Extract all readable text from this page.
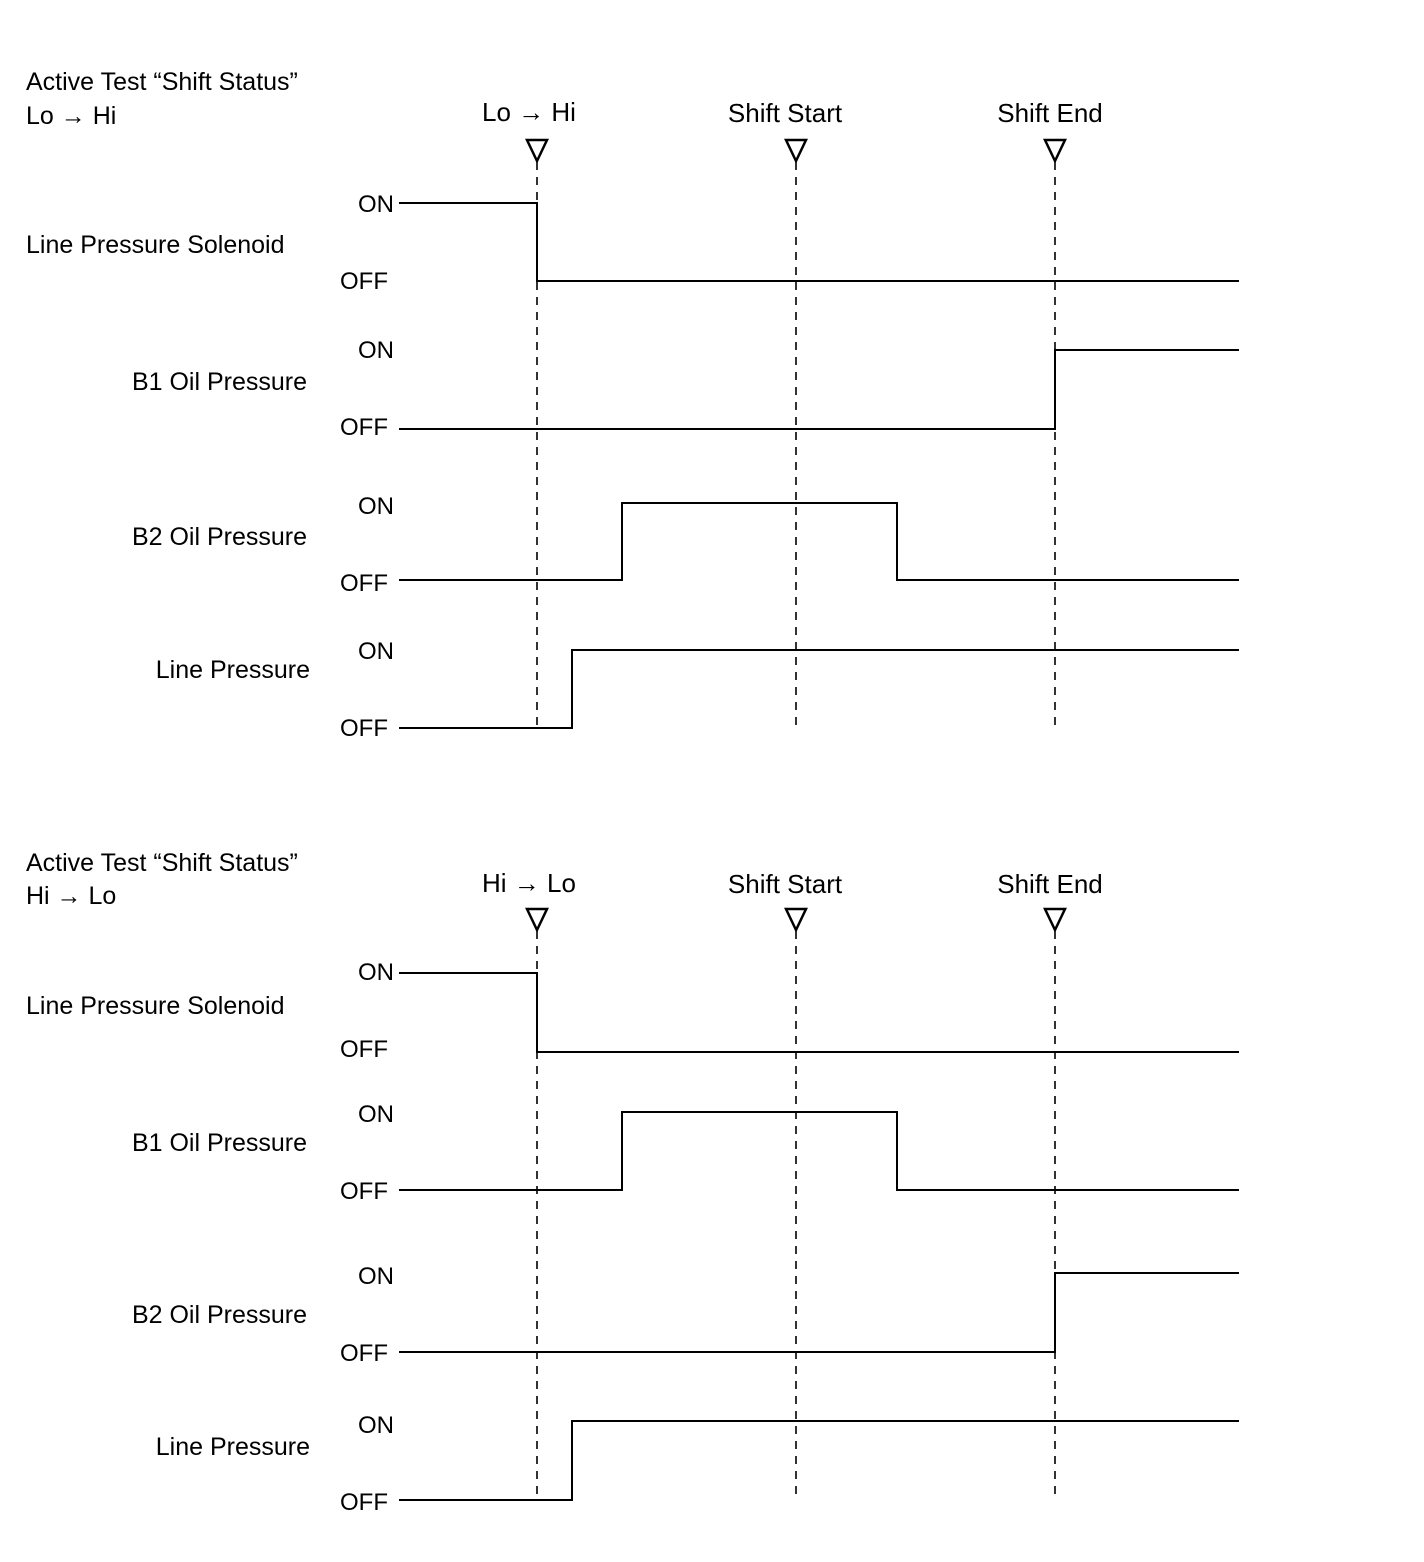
Active Test “Shift Status”
Lo → Hi	Lo → Hi	Shift Start	Shift End
Line Pressure Solenoid
ON
OFF
B1 Oil Pressure
ON
OFF
B2 Oil Pressure
ON
OFF
Line Pressure
ON
OFF
Active Test “Shift Status”
Hi → Lo	Hi → Lo	Shift Start	Shift End
Line Pressure Solenoid
ON
OFF
B1 Oil Pressure
ON
OFF
B2 Oil Pressure
ON
OFF
Line Pressure
ON
OFF
